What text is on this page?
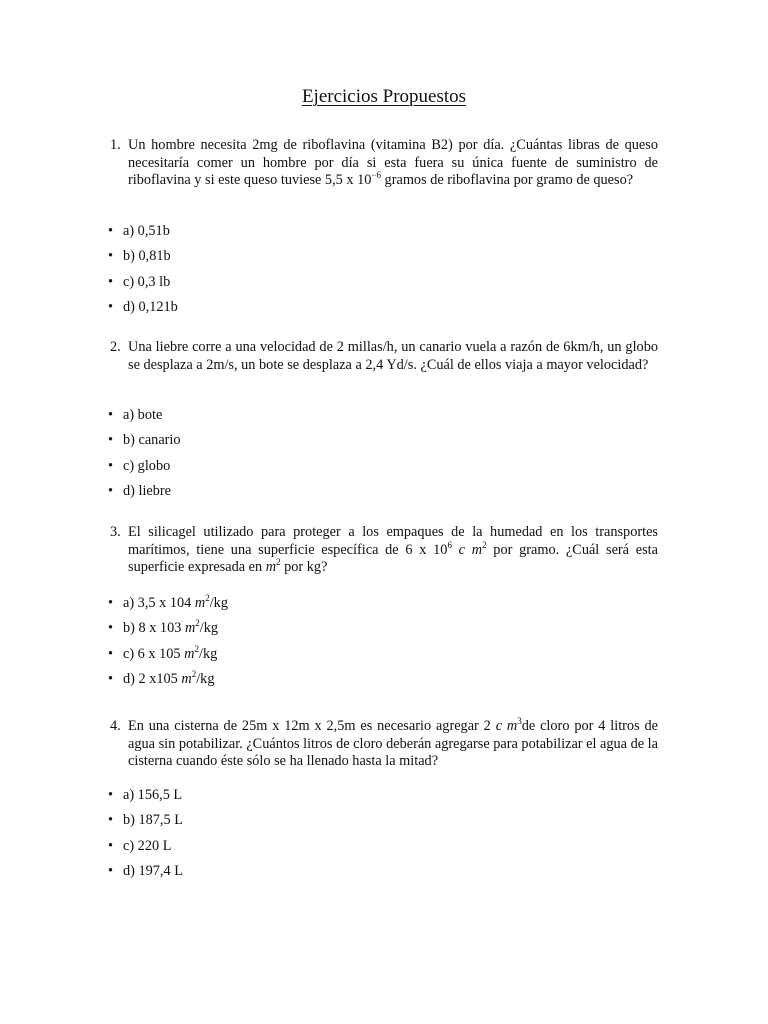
Ejercicios Propuestos
1. Un hombre necesita 2mg de riboflavina (vitamina B2) por día. ¿Cuántas libras de queso necesitaría comer un hombre por día si esta fuera su única fuente de suministro de riboflavina y si este queso tuviese 5,5 x $10^{-6}$ gramos de riboflavina por gramo de queso?
• a) 0,51b
• b) 0,81b
• c) 0,3 lb
• d) 0,121b
2. Una liebre corre a una velocidad de 2 millas/h, un canario vuela a razón de 6km/h, un globo se desplaza a 2m/s, un bote se desplaza a 2,4 Yd/s. ¿Cuál de ellos viaja a mayor velocidad?
• a) bote
• b) canario
• c) globo
• d) liebre
3. El silicagel utilizado para proteger a los empaques de la humedad en los transportes marítimos, tiene una superficie específica de 6 x $10^6$ c $m^2$ por gramo. ¿Cuál será esta superficie expresada en $m^2$ por kg?
• a) 3,5 x 104 $m^2/kg$
• b) 8 x 103 $m^2/kg$
• c) 6 x 105 $m^2/kg$
• d) 2 x105 $m^2/kg$
4. En una cisterna de 25m x 12m x 2,5m es necesario agregar 2 c $m^3de$ cloro por 4 litros de agua sin potabilizar. ¿Cuántos litros de cloro deberán agregarse para potabilizar el agua de la cisterna cuando éste sólo se ha llenado hasta la mitad?
• a) 156,5 L
• b) 187,5 L
• c) 220 L
• d) 197,4 L
